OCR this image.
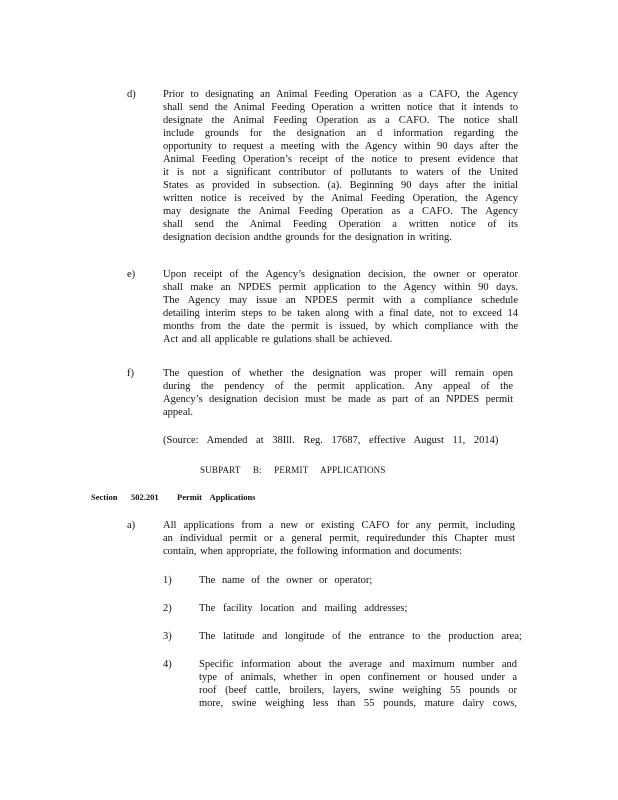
d)	Prior to designating an Animal Feeding Operation as a CAFO, the Agency
shall send the Animal Feeding Operation a written notice that it intends to
designate the Animal Feeding Operation as a CAFO. The notice shall
include grounds for the designation an d information regarding the
opportunity to request a meeting with the Agency within 90 days after the
Animal Feeding Operation’s receipt of the notice to present evidence that
it is not a significant contributor of pollutants to waters of the United
States as provided in subsection. (a). Beginning 90 days after the initial
written notice is received by the Animal Feeding Operation, the Agency
may designate the Animal Feeding Operation as a CAFO. The Agency
shall send the Animal Feeding Operation a written notice of its
designation decision andthe grounds for the designation in writing.
e)	Upon receipt of the Agency’s designation decision, the owner or operator
shall make an NPDES permit application to the Agency within 90 days.
The Agency may issue an NPDES permit with a compliance schedule
detailing interim steps to be taken along with a final date, not to exceed 14
months from the date the permit is issued, by which compliance with the
Act and all applicable re gulations shall be achieved.
f)	The question of whether the designation was proper will remain open
during the pendency of the permit application. Any appeal of the
Agency’s designation decision must be made as part of an NPDES permit
appeal.
(Source: Amended at 38Ill. Reg. 17687, effective August 11, 2014)
SUBPART B: PERMIT APPLICATIONS
Section 502.201 Permit Applications
a)	All applications from a new or existing CAFO for any permit, including
an individual permit or a general permit, requiredunder this Chapter must
contain, when appropriate, the following information and documents:
1)	The name of the owner or operator;
2)	The facility location and mailing addresses;
3)	The latitude and longitude of the entrance to the production area;
4)	Specific information about the average and maximum number and
type of animals, whether in open confinement or housed under a
roof (beef cattle, broilers, layers, swine weighing 55 pounds or
more, swine weighing less than 55 pounds, mature dairy cows,
